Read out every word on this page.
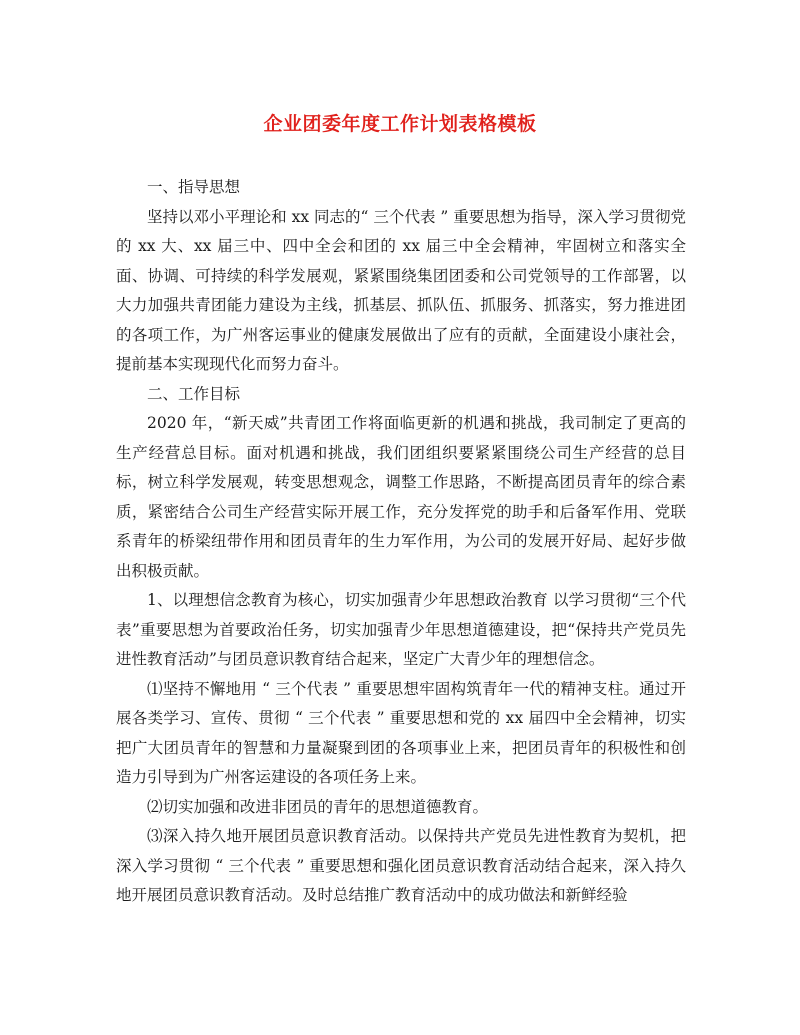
企业团委年度工作计划表格模板

一、指导思想

坚持以邓小平理论和 xx 同志的“ 三个代表 ” 重要思想为指导，深入学习贯彻党的 xx 大、xx 届三中、四中全会和团的 xx 届三中全会精神，牢固树立和落实全面、协调、可持续的科学发展观，紧紧围绕集团团委和公司党领导的工作部署，以大力加强共青团能力建设为主线，抓基层、抓队伍、抓服务、抓落实，努力推进团的各项工作，为广州客运事业的健康发展做出了应有的贡献，全面建设小康社会，提前基本实现现代化而努力奋斗。

二、工作目标

2020 年，“新天威”共青团工作将面临更新的机遇和挑战，我司制定了更高的生产经营总目标。面对机遇和挑战，我们团组织要紧紧围绕公司生产经营的总目标，树立科学发展观，转变思想观念，调整工作思路，不断提高团员青年的综合素质，紧密结合公司生产经营实际开展工作，充分发挥党的助手和后备军作用、党联系青年的桥梁纽带作用和团员青年的生力军作用，为公司的发展开好局、起好步做出积极贡献。

1、以理想信念教育为核心，切实加强青少年思想政治教育 以学习贯彻“三个代表”重要思想为首要政治任务，切实加强青少年思想道德建设，把“保持共产党员先进性教育活动”与团员意识教育结合起来，坚定广大青少年的理想信念。

⑴坚持不懈地用 “ 三个代表 ” 重要思想牢固构筑青年一代的精神支柱。通过开展各类学习、宣传、贯彻 “ 三个代表 ” 重要思想和党的 xx 届四中全会精神，切实把广大团员青年的智慧和力量凝聚到团的各项事业上来，把团员青年的积极性和创造力引导到为广州客运建设的各项任务上来。

⑵切实加强和改进非团员的青年的思想道德教育。

⑶深入持久地开展团员意识教育活动。以保持共产党员先进性教育为契机，把深入学习贯彻 “ 三个代表 ” 重要思想和强化团员意识教育活动结合起来，深入持久地开展团员意识教育活动。及时总结推广教育活动中的成功做法和新鲜经验
